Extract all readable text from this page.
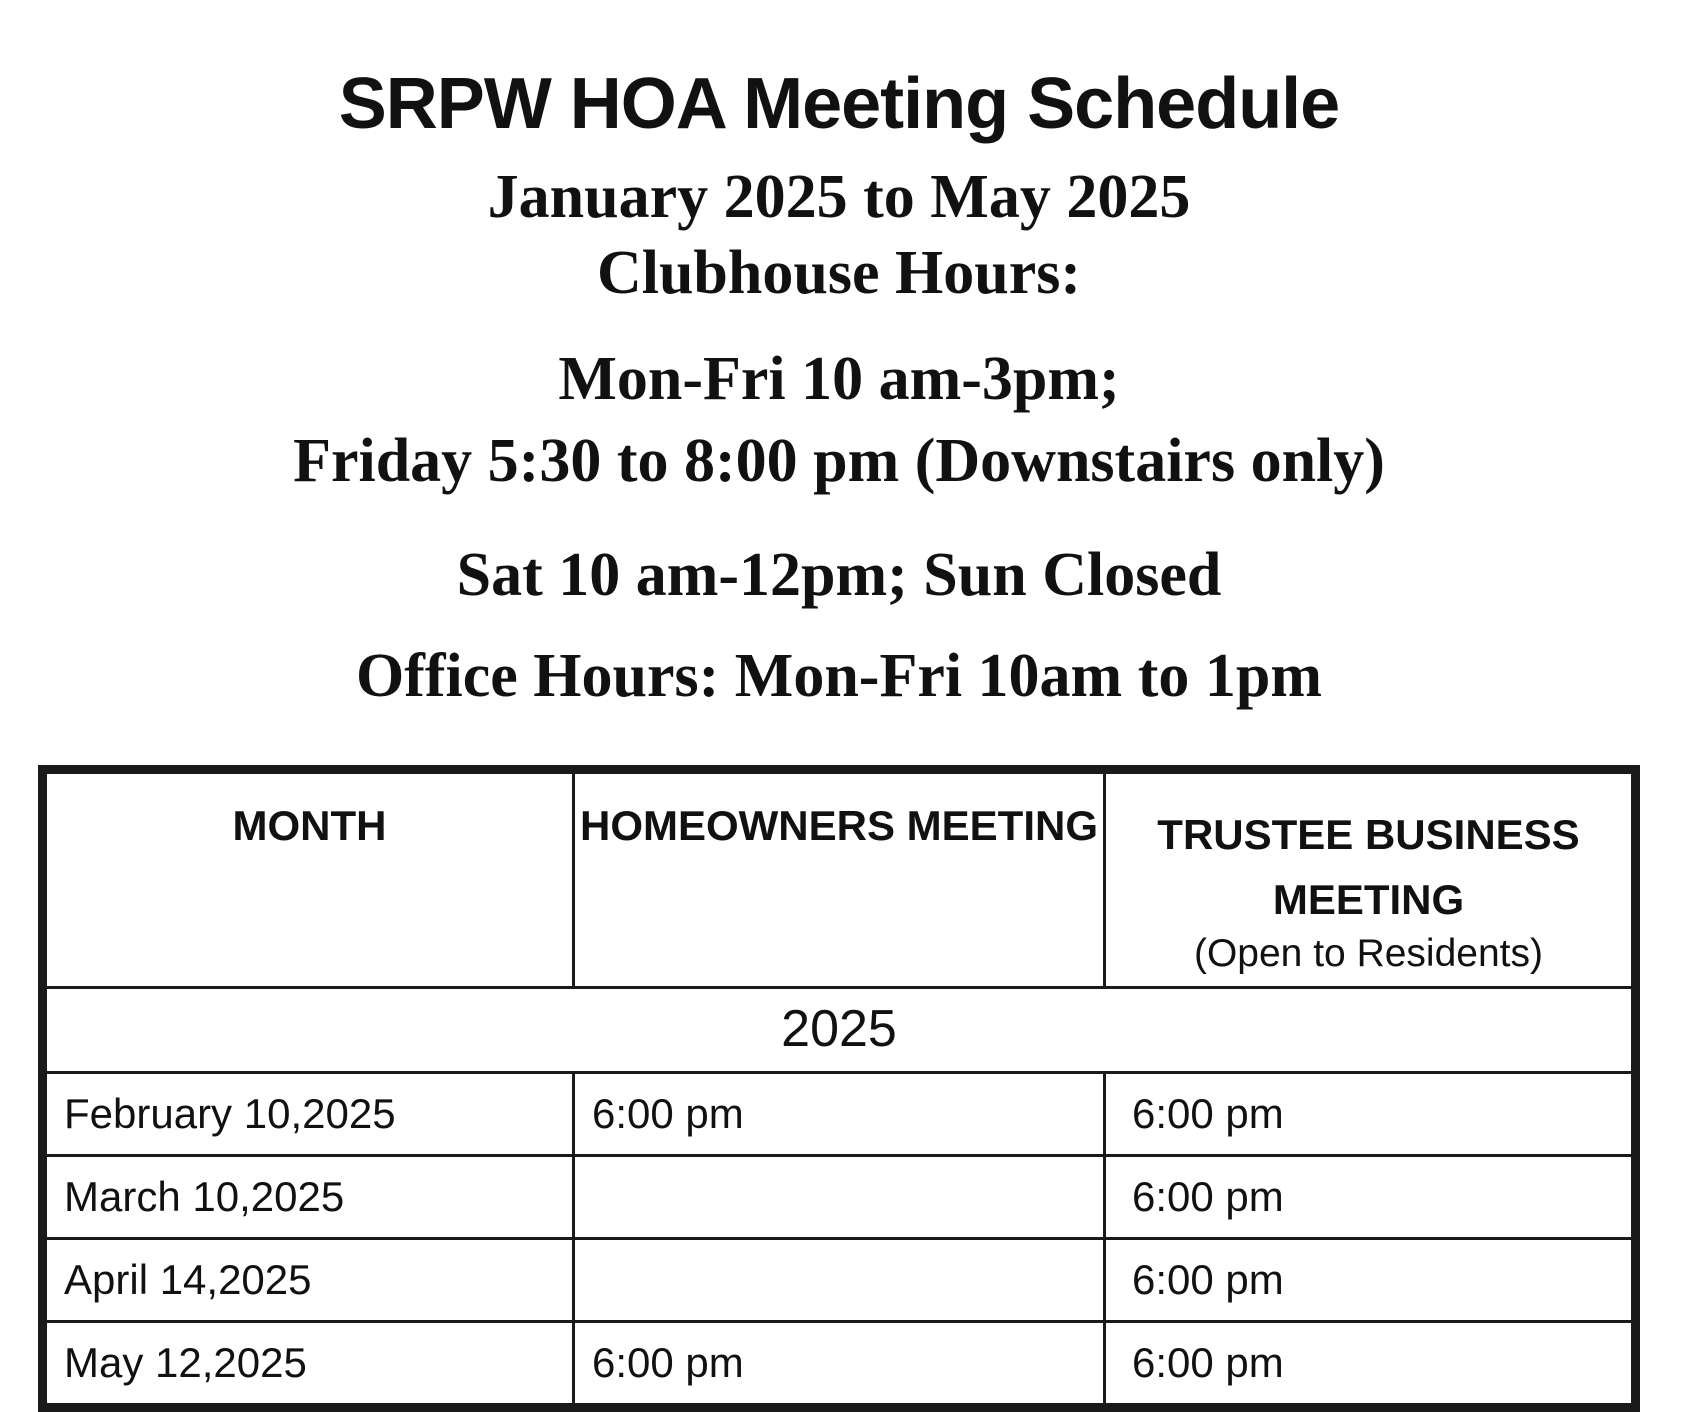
SRPW HOA Meeting Schedule

January 2025 to May 2025

Clubhouse Hours:

Mon-Fri 10 am-3pm;

Friday 5:30 to 8:00 pm (Downstairs only)

Sat 10 am-12pm; Sun Closed

Office Hours: Mon-Fri 10am to 1pm

MONTH	HOMEOWNERS MEETING	TRUSTEE BUSINESS MEETING
(Open to Residents)

2025		
February 10,2025	6:00 pm	6:00 pm
March 10,2025		6:00 pm
April 14,2025		6:00 pm
May 12,2025	6:00 pm	6:00 pm
